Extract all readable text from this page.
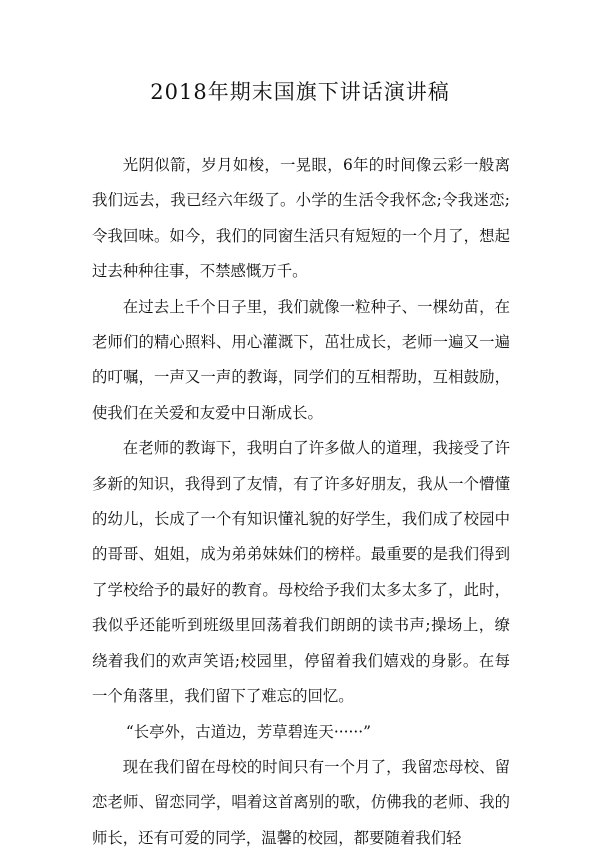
2018年期末国旗下讲话演讲稿

光阴似箭，岁月如梭，一晃眼，6年的时间像云彩一般离我们远去，我已经六年级了。小学的生活令我怀念;令我迷恋;令我回味。如今，我们的同窗生活只有短短的一个月了，想起过去种种往事，不禁感慨万千。

在过去上千个日子里，我们就像一粒种子、一棵幼苗，在老师们的精心照料、用心灌溉下，茁壮成长，老师一遍又一遍的叮嘱，一声又一声的教诲，同学们的互相帮助，互相鼓励，使我们在关爱和友爱中日渐成长。

在老师的教诲下，我明白了许多做人的道理，我接受了许多新的知识，我得到了友情，有了许多好朋友，我从一个懵懂的幼儿，长成了一个有知识懂礼貌的好学生，我们成了校园中的哥哥、姐姐，成为弟弟妹妹们的榜样。最重要的是我们得到了学校给予的最好的教育。母校给予我们太多太多了，此时，我似乎还能听到班级里回荡着我们朗朗的读书声;操场上，缭绕着我们的欢声笑语;校园里，停留着我们嬉戏的身影。在每一个角落里，我们留下了难忘的回忆。

“长亭外，古道边，芳草碧连天······”

现在我们留在母校的时间只有一个月了，我留恋母校、留恋老师、留恋同学，唱着这首离别的歌，仿佛我的老师、我的师长，还有可爱的同学，温馨的校园，都要随着我们轻
